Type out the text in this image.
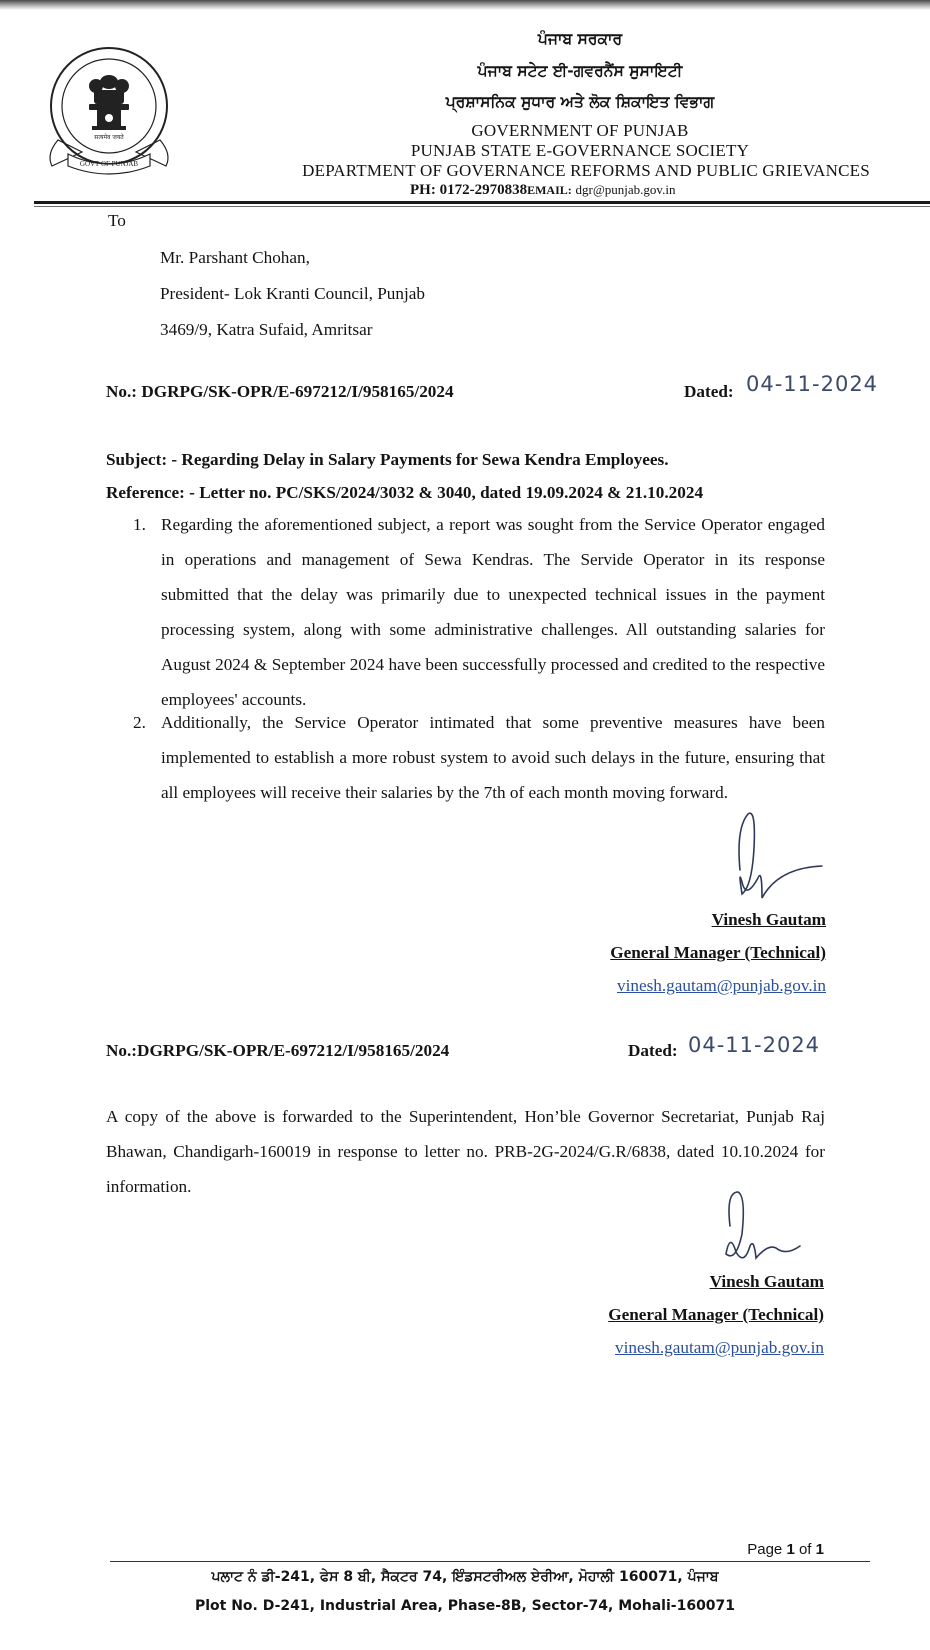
सत्यमेव जयते
GOVT OF PUNJAB
ਪੰਜਾਬ ਸਰਕਾਰ
ਪੰਜਾਬ ਸਟੇਟ ਈ-ਗਵਰਨੈਂਸ ਸੁਸਾਇਟੀ
ਪ੍ਰਸ਼ਾਸਨਿਕ ਸੁਧਾਰ ਅਤੇ ਲੋਕ ਸ਼ਿਕਾਇਤ ਵਿਭਾਗ
GOVERNMENT OF PUNJAB
PUNJAB STATE E-GOVERNANCE SOCIETY
DEPARTMENT OF GOVERNANCE REFORMS AND PUBLIC GRIEVANCES
PH: 0172-2970838EMAIL: dgr@punjab.gov.in
To
Mr. Parshant Chohan,
President- Lok Kranti Council, Punjab
3469/9, Katra Sufaid, Amritsar
No.: DGRPG/SK-OPR/E-697212/I/958165/2024	Dated: 04-11-2024
Subject: - Regarding Delay in Salary Payments for Sewa Kendra Employees.
Reference: - Letter no. PC/SKS/2024/3032 & 3040, dated 19.09.2024 & 21.10.2024
1. Regarding the aforementioned subject, a report was sought from the Service Operator engaged in operations and management of Sewa Kendras. The Servide Operator in its response submitted that the delay was primarily due to unexpected technical issues in the payment processing system, along with some administrative challenges. All outstanding salaries for August 2024 & September 2024 have been successfully processed and credited to the respective employees' accounts.
2. Additionally, the Service Operator intimated that some preventive measures have been implemented to establish a more robust system to avoid such delays in the future, ensuring that all employees will receive their salaries by the 7th of each month moving forward.
Vinesh Gautam
General Manager (Technical)
vinesh.gautam@punjab.gov.in
No.:DGRPG/SK-OPR/E-697212/I/958165/2024	Dated: 04-11-2024
A copy of the above is forwarded to the Superintendent, Hon’ble Governor Secretariat, Punjab Raj Bhawan, Chandigarh-160019 in response to letter no. PRB-2G-2024/G.R/6838, dated 10.10.2024 for information.
Vinesh Gautam
General Manager (Technical)
vinesh.gautam@punjab.gov.in
Page 1 of 1
ਪਲਾਟ ਨੰ ਡੀ-241, ਫੇਸ 8 ਬੀ, ਸੈਕਟਰ 74, ਇੰਡਸਟਰੀਅਲ ਏਰੀਆ, ਮੋਹਾਲੀ 160071, ਪੰਜਾਬ
Plot No. D-241, Industrial Area, Phase-8B, Sector-74, Mohali-160071
